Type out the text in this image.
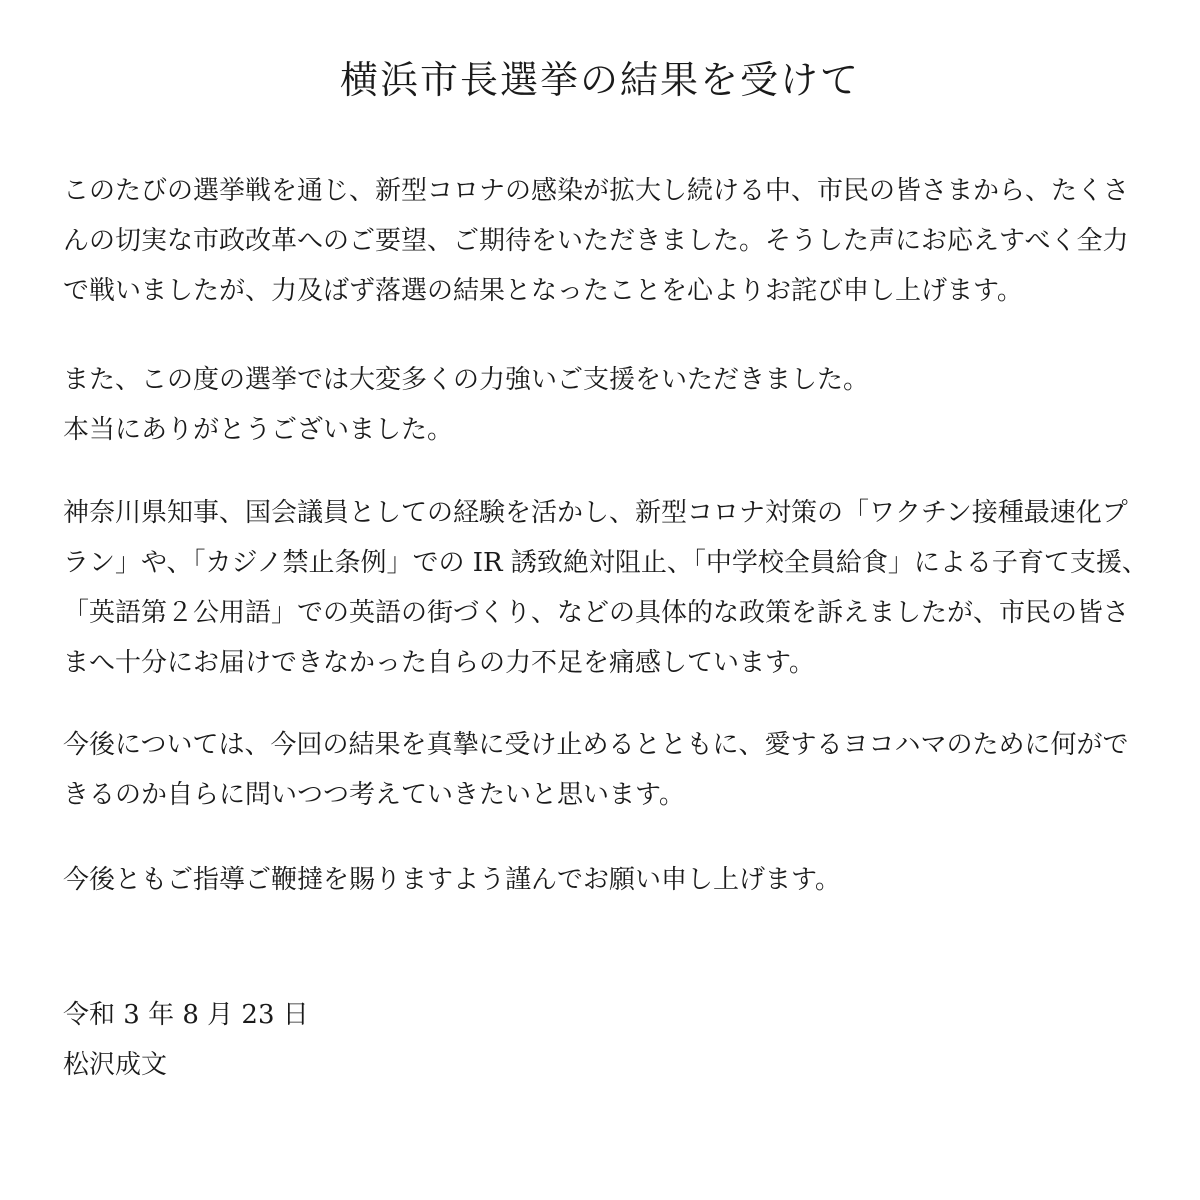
横浜市長選挙の結果を受けて
このたびの選挙戦を通じ、新型コロナの感染が拡大し続ける中、市民の皆さまから、たくさ
んの切実な市政改革へのご要望、ご期待をいただきました。そうした声にお応えすべく全力
で戦いましたが、力及ばず落選の結果となったことを心よりお詫び申し上げます。
また、この度の選挙では大変多くの力強いご支援をいただきました。
本当にありがとうございました。
神奈川県知事、国会議員としての経験を活かし、新型コロナ対策の「ワクチン接種最速化プ
ラン」や、「カジノ禁止条例」での IR 誘致絶対阻止、「中学校全員給食」による子育て支援、
「英語第２公用語」での英語の街づくり、などの具体的な政策を訴えましたが、市民の皆さ
まへ十分にお届けできなかった自らの力不足を痛感しています。
今後については、今回の結果を真摯に受け止めるとともに、愛するヨコハマのために何がで
きるのか自らに問いつつ考えていきたいと思います。
今後ともご指導ご鞭撻を賜りますよう謹んでお願い申し上げます。
令和 3 年 8 月 23 日
松沢成文
